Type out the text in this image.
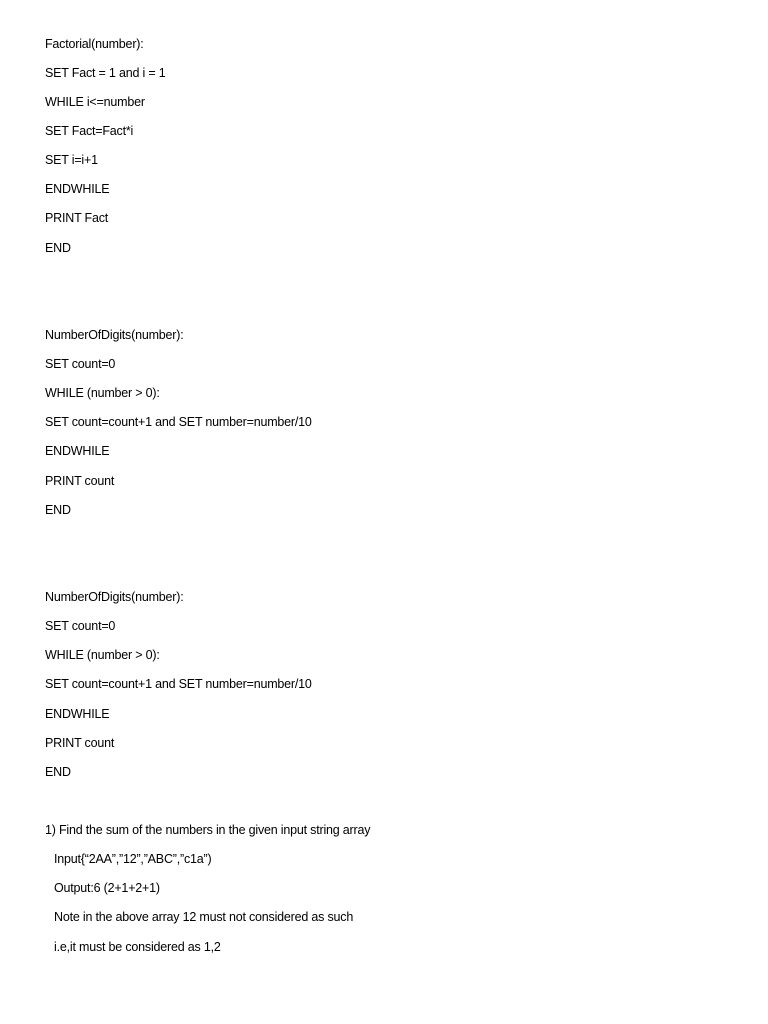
Factorial(number):
SET Fact = 1 and i = 1
WHILE i<=number
SET Fact=Fact*i
SET i=i+1
ENDWHILE
PRINT Fact
END
NumberOfDigits(number):
SET count=0
WHILE (number > 0):
SET count=count+1 and SET number=number/10
ENDWHILE
PRINT count
END
NumberOfDigits(number):
SET count=0
WHILE (number > 0):
SET count=count+1 and SET number=number/10
ENDWHILE
PRINT count
END
1) Find the sum of the numbers in the given input string array
Input{“2AA”,”12”,”ABC”,”c1a”)
Output:6 (2+1+2+1)
Note in the above array 12 must not considered as such
i.e,it must be considered as 1,2
